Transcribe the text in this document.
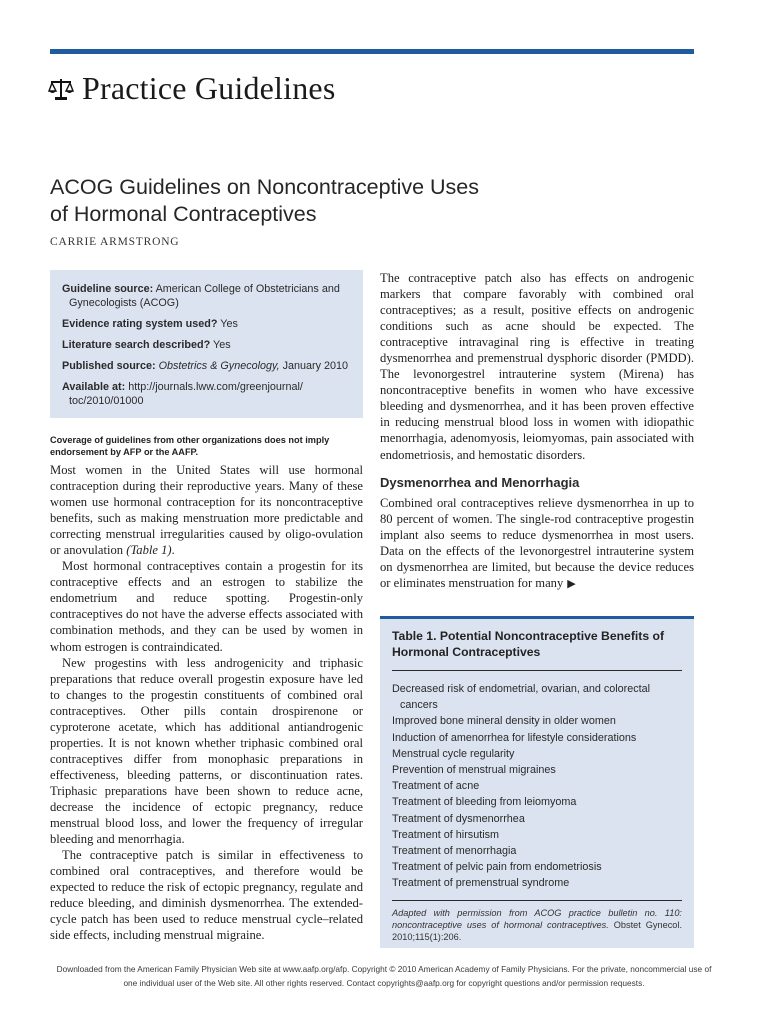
Practice Guidelines
ACOG Guidelines on Noncontraceptive Uses
of Hormonal Contraceptives
CARRIE ARMSTRONG
Guideline source: American College of Obstetricians and Gynecologists (ACOG)
Evidence rating system used? Yes
Literature search described? Yes
Published source: Obstetrics & Gynecology, January 2010
Available at: http://journals.lww.com/greenjournal/ toc/2010/01000
Coverage of guidelines from other organizations does not imply endorsement by AFP or the AAFP.

Most women in the United States will use hormonal contraception during their reproductive years. Many of these women use hormonal contraception for its noncontraceptive benefits, such as making menstruation more predictable and correcting menstrual irregularities caused by oligo-ovulation or anovulation (Table 1).

Most hormonal contraceptives contain a progestin for its contraceptive effects and an estrogen to stabilize the endometrium and reduce spotting. Progestin-only contraceptives do not have the adverse effects associated with combination methods, and they can be used by women in whom estrogen is contraindicated.

New progestins with less androgenicity and triphasic preparations that reduce overall progestin exposure have led to changes to the progestin constituents of combined oral contraceptives. Other pills contain drospirenone or cyproterone acetate, which has additional antiandrogenic properties. It is not known whether triphasic combined oral contraceptives differ from monophasic preparations in effectiveness, bleeding patterns, or discontinuation rates. Triphasic preparations have been shown to reduce acne, decrease the incidence of ectopic pregnancy, reduce menstrual blood loss, and lower the frequency of irregular bleeding and menorrhagia.

The contraceptive patch is similar in effectiveness to combined oral contraceptives, and therefore would be expected to reduce the risk of ectopic pregnancy, regulate and reduce bleeding, and diminish dysmenorrhea. The extended-cycle patch has been used to reduce menstrual cycle–related side effects, including menstrual migraine.

The contraceptive patch also has effects on androgenic markers that compare favorably with combined oral contraceptives; as a result, positive effects on androgenic conditions such as acne should be expected. The contraceptive intravaginal ring is effective in treating dysmenorrhea and premenstrual dysphoric disorder (PMDD). The levonorgestrel intrauterine system (Mirena) has noncontraceptive benefits in women who have excessive bleeding and dysmenorrhea, and it has been proven effective in reducing menstrual blood loss in women with idiopathic menorrhagia, adenomyosis, leiomyomas, pain associated with endometriosis, and hemostatic disorders.

Dysmenorrhea and Menorrhagia

Combined oral contraceptives relieve dysmenorrhea in up to 80 percent of women. The single-rod contraceptive progestin implant also seems to reduce dysmenorrhea in most users. Data on the effects of the levonorgestrel intrauterine system on dysmenorrhea are limited, but because the device reduces or eliminates menstruation for many ▶

Table 1. Potential Noncontraceptive Benefits of Hormonal Contraceptives
Decreased risk of endometrial, ovarian, and colorectal cancers
Improved bone mineral density in older women
Induction of amenorrhea for lifestyle considerations
Menstrual cycle regularity
Prevention of menstrual migraines
Treatment of acne
Treatment of bleeding from leiomyoma
Treatment of dysmenorrhea
Treatment of hirsutism
Treatment of menorrhagia
Treatment of pelvic pain from endometriosis
Treatment of premenstrual syndrome
Adapted with permission from ACOG practice bulletin no. 110: noncontraceptive uses of hormonal contraceptives. Obstet Gynecol. 2010;115(1):206.
Downloaded from the American Family Physician Web site at www.aafp.org/afp. Copyright © 2010 American Academy of Family Physicians. For the private, noncommercial use of
one individual user of the Web site. All other rights reserved. Contact copyrights@aafp.org for copyright questions and/or permission requests.
